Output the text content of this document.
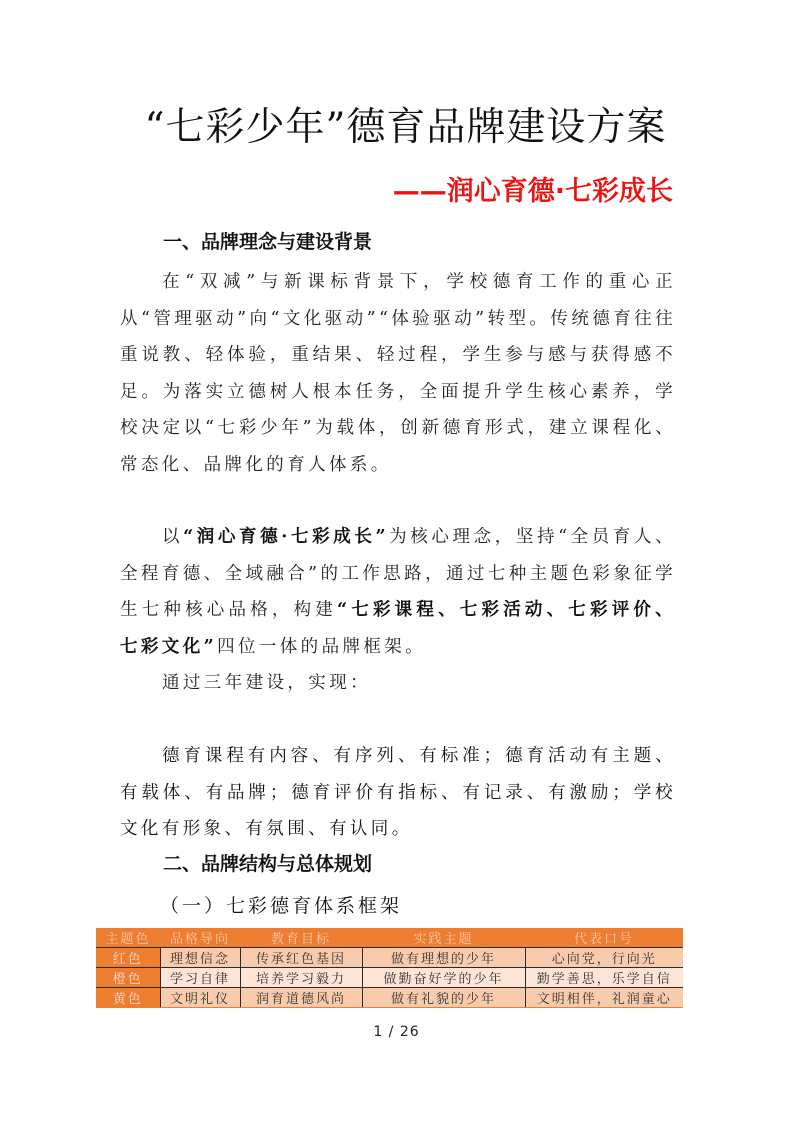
“七彩少年”德育品牌建设方案
——润心育德·七彩成长
一、品牌理念与建设背景

在“双减”与新课标背景下，学校德育工作的重心正从“管理驱动”向“文化驱动”“体验驱动”转型。传统德育往往重说教、轻体验，重结果、轻过程，学生参与感与获得感不足。为落实立德树人根本任务，全面提升学生核心素养，学校决定以“七彩少年”为载体，创新德育形式，建立课程化、常态化、品牌化的育人体系。

以“润心育德·七彩成长”为核心理念，坚持“全员育人、全程育德、全域融合”的工作思路，通过七种主题色彩象征学生七种核心品格，构建“七彩课程、七彩活动、七彩评价、七彩文化”四位一体的品牌框架。

通过三年建设，实现：

德育课程有内容、有序列、有标准；德育活动有主题、有载体、有品牌；德育评价有指标、有记录、有激励；学校文化有形象、有氛围、有认同。

二、品牌结构与总体规划
（一）七彩德育体系框架
主题色	品格导向	教育目标	实践主题	代表口号
红色	理想信念	传承红色基因	做有理想的少年	心向党，行向光
橙色	学习自律	培养学习毅力	做勤奋好学的少年	勤学善思，乐学自信
黄色	文明礼仪	润育道德风尚	做有礼貌的少年	文明相伴，礼润童心
1 / 26
